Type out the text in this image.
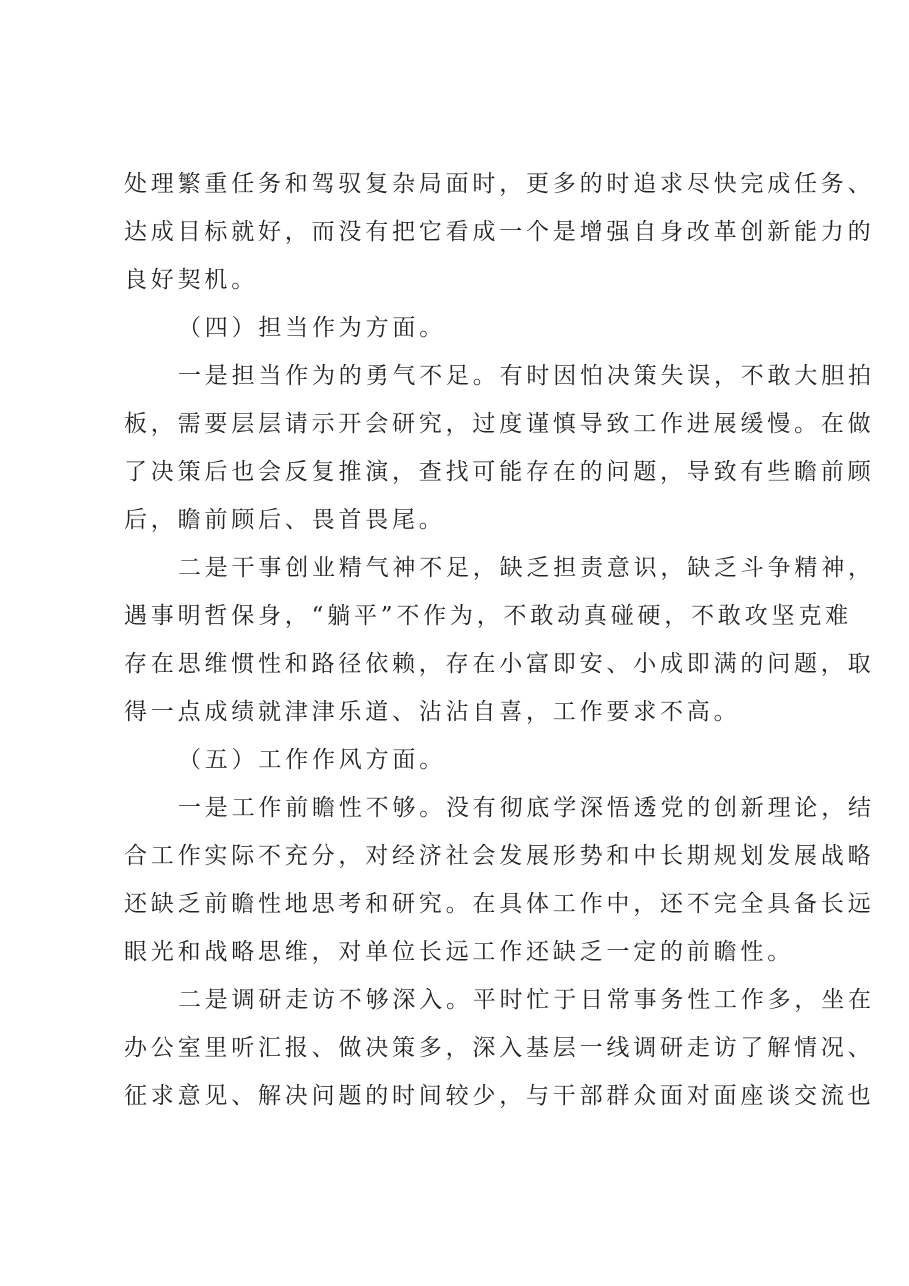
处理繁重任务和驾驭复杂局面时，更多的时追求尽快完成任务、
达成目标就好，而没有把它看成一个是增强自身改革创新能力的
良好契机。

（四）担当作为方面。

一是担当作为的勇气不足。有时因怕决策失误，不敢大胆拍
板，需要层层请示开会研究，过度谨慎导致工作进展缓慢。在做
了决策后也会反复推演，查找可能存在的问题，导致有些瞻前顾
后，瞻前顾后、畏首畏尾。

二是干事创业精气神不足，缺乏担责意识，缺乏斗争精神，
遇事明哲保身，“躺平”不作为，不敢动真碰硬，不敢攻坚克难
存在思维惯性和路径依赖，存在小富即安、小成即满的问题，取
得一点成绩就津津乐道、沾沾自喜，工作要求不高。

（五）工作作风方面。

一是工作前瞻性不够。没有彻底学深悟透党的创新理论，结
合工作实际不充分，对经济社会发展形势和中长期规划发展战略
还缺乏前瞻性地思考和研究。在具体工作中，还不完全具备长远
眼光和战略思维，对单位长远工作还缺乏一定的前瞻性。

二是调研走访不够深入。平时忙于日常事务性工作多，坐在
办公室里听汇报、做决策多，深入基层一线调研走访了解情况、
征求意见、解决问题的时间较少，与干部群众面对面座谈交流也
